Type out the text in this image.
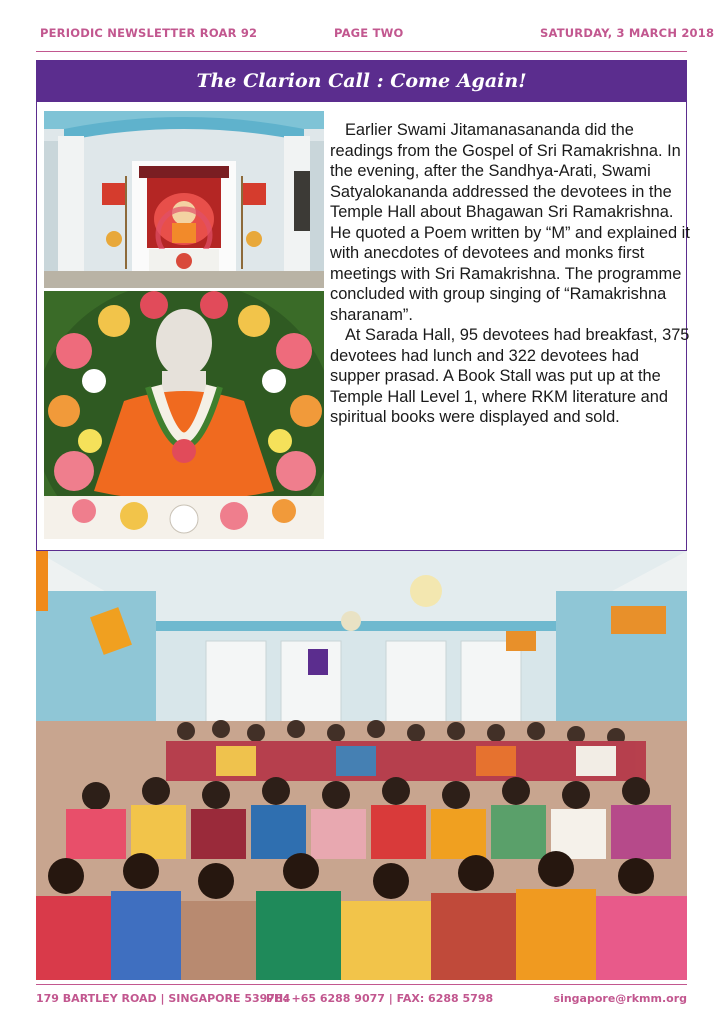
PERIODIC NEWSLETTER ROAR 92	PAGE TWO	SATURDAY, 3 MARCH 2018
The Clarion Call : Come Again!

Earlier Swami Jitamanasananda did the readings from the Gospel of Sri Ramakrishna. In the evening, after the Sandhya-Arati, Swami Satyalokananda addressed the devotees in the Temple Hall about Bhagawan Sri Ramakrishna. He quoted a Poem written by “M” and explained it with anecdotes of devotees and monks first meetings with Sri Ramakrishna. The programme concluded with group singing of “Ramakrishna sharanam”.

At Sarada Hall, 95 devotees had breakfast, 375 devotees had lunch and 322 devotees had supper prasad. A Book Stall was put up at the Temple Hall Level 1, where RKM literature and spiritual books were displayed and sold.

179 BARTLEY ROAD | SINGAPORE 539784
PH: +65 6288 9077 | FAX: 6288 5798	singapore@rkmm.org
